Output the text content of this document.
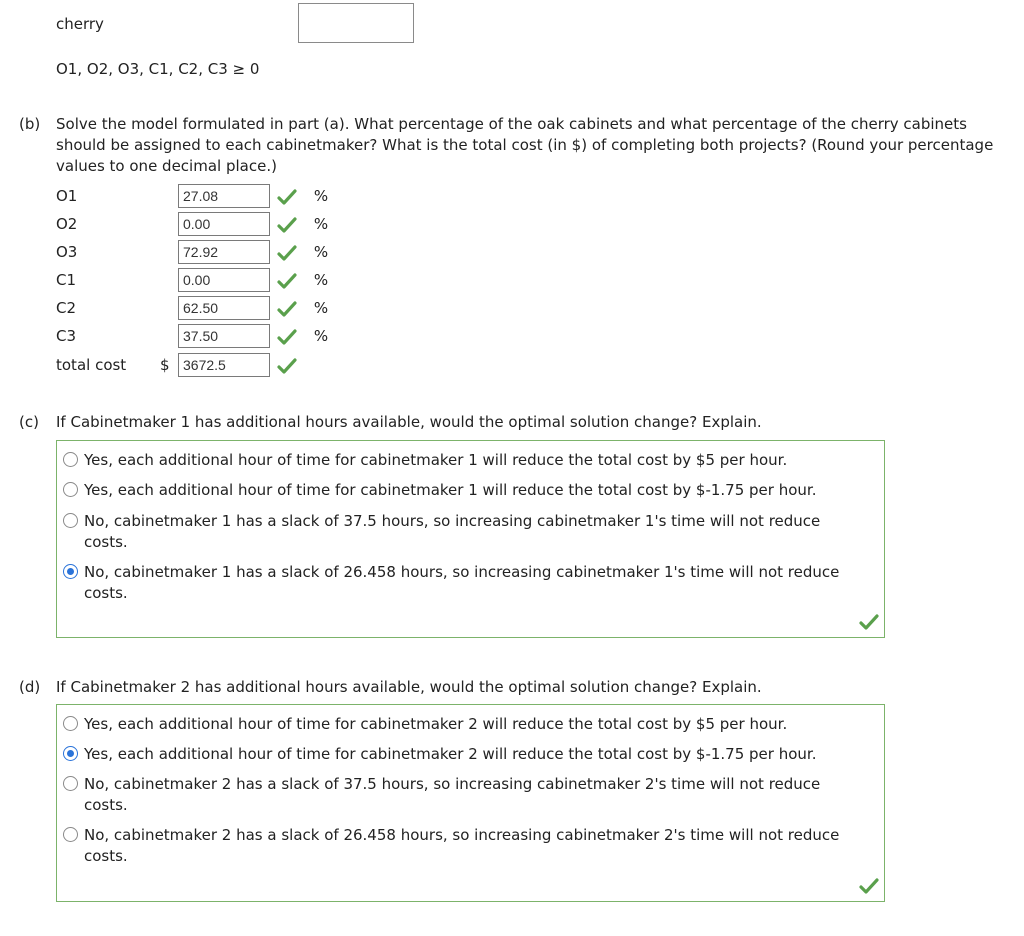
cherry
O1, O2, O3, C1, C2, C3 ≥ 0
(b) Solve the model formulated in part (a). What percentage of the oak cabinets and what percentage of the cherry cabinets should be assigned to each cabinetmaker? What is the total cost (in $) of completing both projects? (Round your percentage values to one decimal place.)
O1	27.08	%
O2	0.00	%
O3	72.92	%
C1	0.00	%
C2	62.50	%
C3	37.50	%
total cost $ 3672.5
(c) If Cabinetmaker 1 has additional hours available, would the optimal solution change? Explain.
Yes, each additional hour of time for cabinetmaker 1 will reduce the total cost by $5 per hour.
Yes, each additional hour of time for cabinetmaker 1 will reduce the total cost by $-1.75 per hour.
No, cabinetmaker 1 has a slack of 37.5 hours, so increasing cabinetmaker 1's time will not reduce costs.
No, cabinetmaker 1 has a slack of 26.458 hours, so increasing cabinetmaker 1's time will not reduce costs.
(d) If Cabinetmaker 2 has additional hours available, would the optimal solution change? Explain.
Yes, each additional hour of time for cabinetmaker 2 will reduce the total cost by $5 per hour.
Yes, each additional hour of time for cabinetmaker 2 will reduce the total cost by $-1.75 per hour.
No, cabinetmaker 2 has a slack of 37.5 hours, so increasing cabinetmaker 2's time will not reduce costs.
No, cabinetmaker 2 has a slack of 26.458 hours, so increasing cabinetmaker 2's time will not reduce costs.
